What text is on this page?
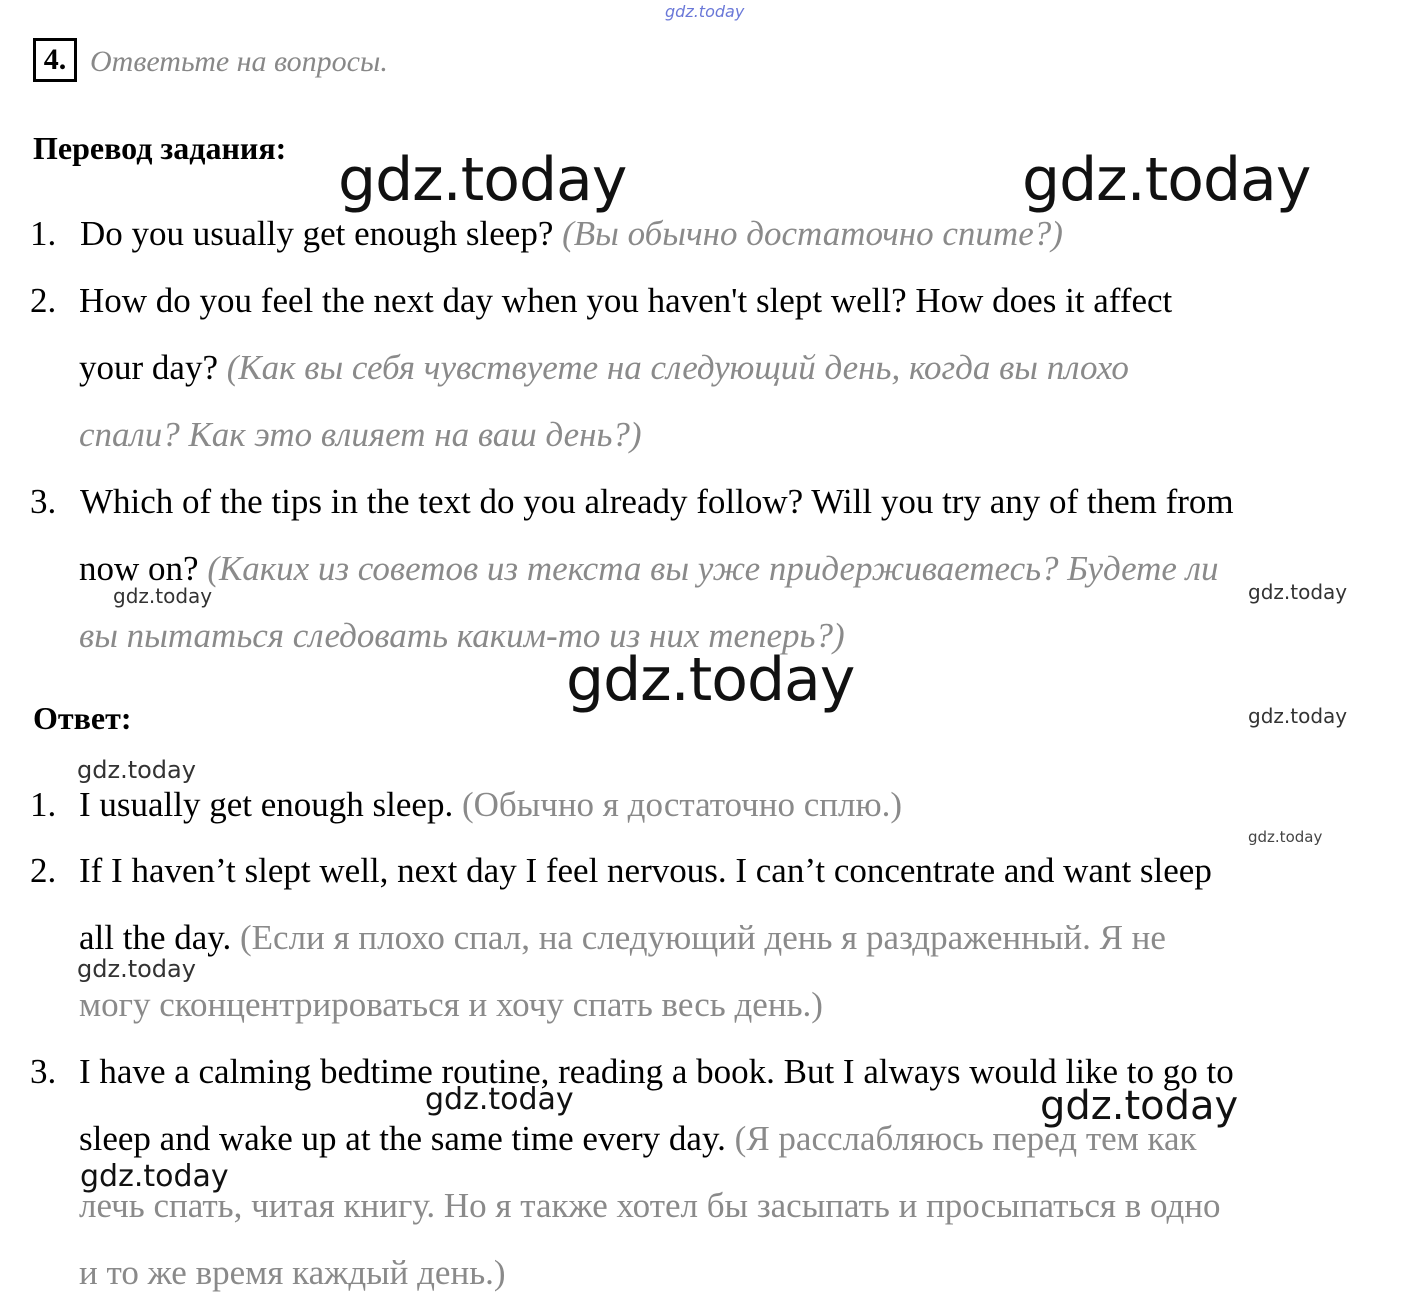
gdz.today
gdz.today	gdz.today
gdz.today
gdz.today	gdz.today
gdz.today
gdz.today
gdz.today
gdz.today
gdz.today	gdz.today
gdz.today
4. Ответьте на вопросы.
Перевод задания:
1. Do you usually get enough sleep? (Вы обычно достаточно спите?)
2. How do you feel the next day when you haven't slept well? How does it affect
your day? (Как вы себя чувствуете на следующий день, когда вы плохо
спали? Как это влияет на ваш день?)
3. Which of the tips in the text do you already follow? Will you try any of them from
now on? (Каких из советов из текста вы уже придерживаетесь? Будете ли
вы пытаться следовать каким-то из них теперь?)
Ответ:
1. I usually get enough sleep. (Обычно я достаточно сплю.)
2. If I haven’t slept well, next day I feel nervous. I can’t concentrate and want sleep
all the day. (Если я плохо спал, на следующий день я раздраженный. Я не
могу сконцентрироваться и хочу спать весь день.)
3. I have a calming bedtime routine, reading a book. But I always would like to go to
sleep and wake up at the same time every day. (Я расслабляюсь перед тем как
лечь спать, читая книгу. Но я также хотел бы засыпать и просыпаться в одно
и то же время каждый день.)
